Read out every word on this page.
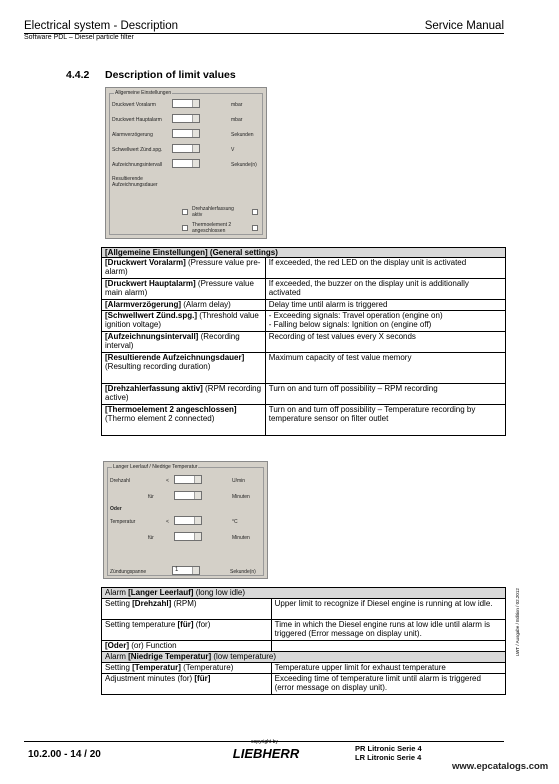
Electrical system - Description	Service Manual
Software PDL – Diesel particle filter
4.4.2 Description of limit values
Allgemeine Einstellungen
Druckwert Voralarm	mbar
Druckwert Hauptalarm	mbar
Alarmverzögerung	Sekunden
Schwellwert Zünd.spg.	V
Aufzeichnungsintervall	Sekunde(n)
Resultierende
Aufzeichnungsdauer
Drehzahlerfassung
aktiv
Thermoelement 2
angeschlossen
[Allgemeine Einstellungen] (General settings)	
[Druckwert Voralarm] (Pressure value pre-alarm)	If exceeded, the red LED on the display unit is activated
[Druckwert Hauptalarm] (Pressure value main alarm)	If exceeded, the buzzer on the display unit is additionally activated
[Alarmverzögerung] (Alarm delay)	Delay time until alarm is triggered
[Schwellwert Zünd.spg.] (Threshold value ignition voltage)	- Exceeding signals: Travel operation (engine on)
- Falling below signals: Ignition on (engine off)
[Aufzeichnungsintervall] (Recording interval)	Recording of test values every X seconds
[Resultierende Aufzeichnungsdauer] (Resulting recording duration)	Maximum capacity of test value memory
[Drehzahlerfassung aktiv] (RPM recording active)	Turn on and turn off possibility – RPM recording
[Thermoelement 2 angeschlossen] (Thermo element 2 connected)	Turn on and turn off possibility – Temperature recording by temperature sensor on filter outlet
Langer Leerlauf / Niedrige Temperatur
Drehzahl	<	U/min
für	Minuten
Oder
Temperatur	<	°C
für	Minuten
Zündungspanne	1	Sekunde(n)
Alarm [Langer Leerlauf] (long low idle)	
Setting [Drehzahl] (RPM)	Upper limit to recognize if Diesel engine is running at low idle.
Setting temperature [für] (for)	Time in which the Diesel engine runs at low idle until alarm is triggered (Error message on display unit).
[Oder] (or) Function	
Alarm [Niedrige Temperatur] (low temperature)	
Setting [Temperatur] (Temperature)	Temperature upper limit for exhaust temperature
Adjustment minutes (for) [für]	Exceeding time of temperature limit until alarm is triggered (error message on display unit).
LWT / Ausgabe / Edition / 02.2012
10.2.00 - 14 / 20
copyright by
LIEBHERR	PR Litronic Serie 4
LR Litronic Serie 4
www.epcatalogs.com
